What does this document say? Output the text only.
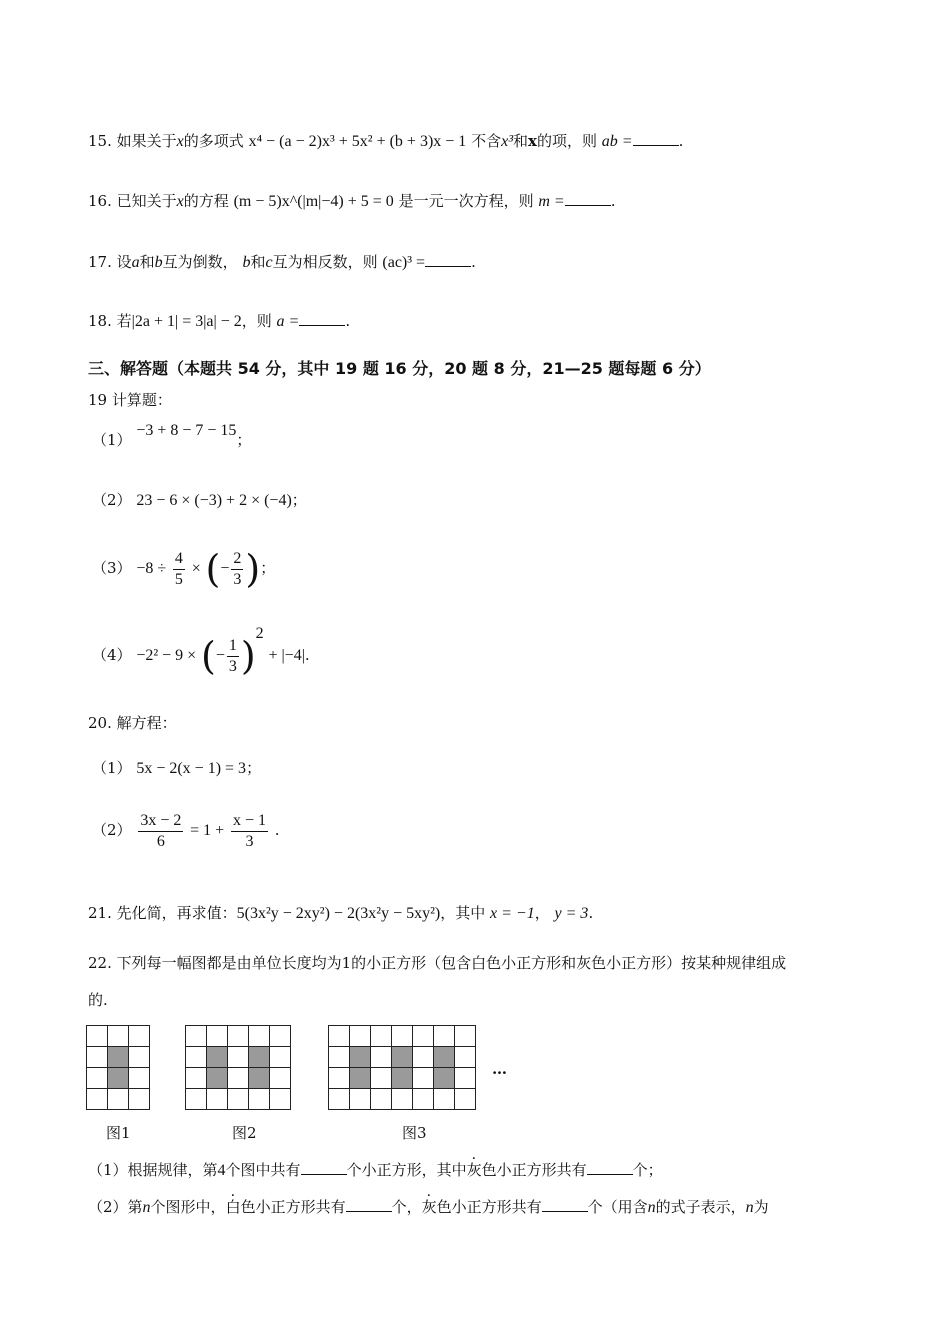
15. 如果关于x的多项式 x⁴ − (a − 2)x³ + 5x² + (b + 3)x − 1 不含x³和x的项，则 ab =	.
16. 已知关于x的方程 (m − 5)x^(|m|−4) + 5 = 0 是一元一次方程，则 m =	.
17. 设a和b互为倒数， b和c互为相反数，则 (ac)³ =	.
18. 若|2a + 1| = 3|a| − 2，则 a =	.
三、解答题（本题共 54 分，其中 19 题 16 分，20 题 8 分，21—25 题每题 6 分）
19 计算题：
（1） −3 + 8 − 7 − 15；
（2） 23 − 6 × (−3) + 2 × (−4)；
$(3) -8 \div \frac{4}{5}$ × (− $\frac{2}{3}$ )；
（4） −2² − 9 × (− $\frac{1}{3} )^2 + |-4|$.
20. 解方程：
（1） 5x − 2(x − 1) = 3；
$(2) \frac{3x - 2}{6} = 1 + \frac{x - 1}{3}$ .
21. 先化简，再求值：5(3x²y − 2xy²) − 2(3x²y − 5xy²)，其中 x = −1， y = 3.
22. 下列每一幅图都是由单位长度均为1的小正方形（包含白色小正方形和灰色小正方形）按某种规律组成
的.

图1

					图2

							图3
…
（1）根据规律，第4个图中共有	个小正方形，其中灰色小正方形共有	个；
（2）第n个图形中，白色小正方形共有	个，灰色小正方形共有	个（用含n的式子表示，n为
